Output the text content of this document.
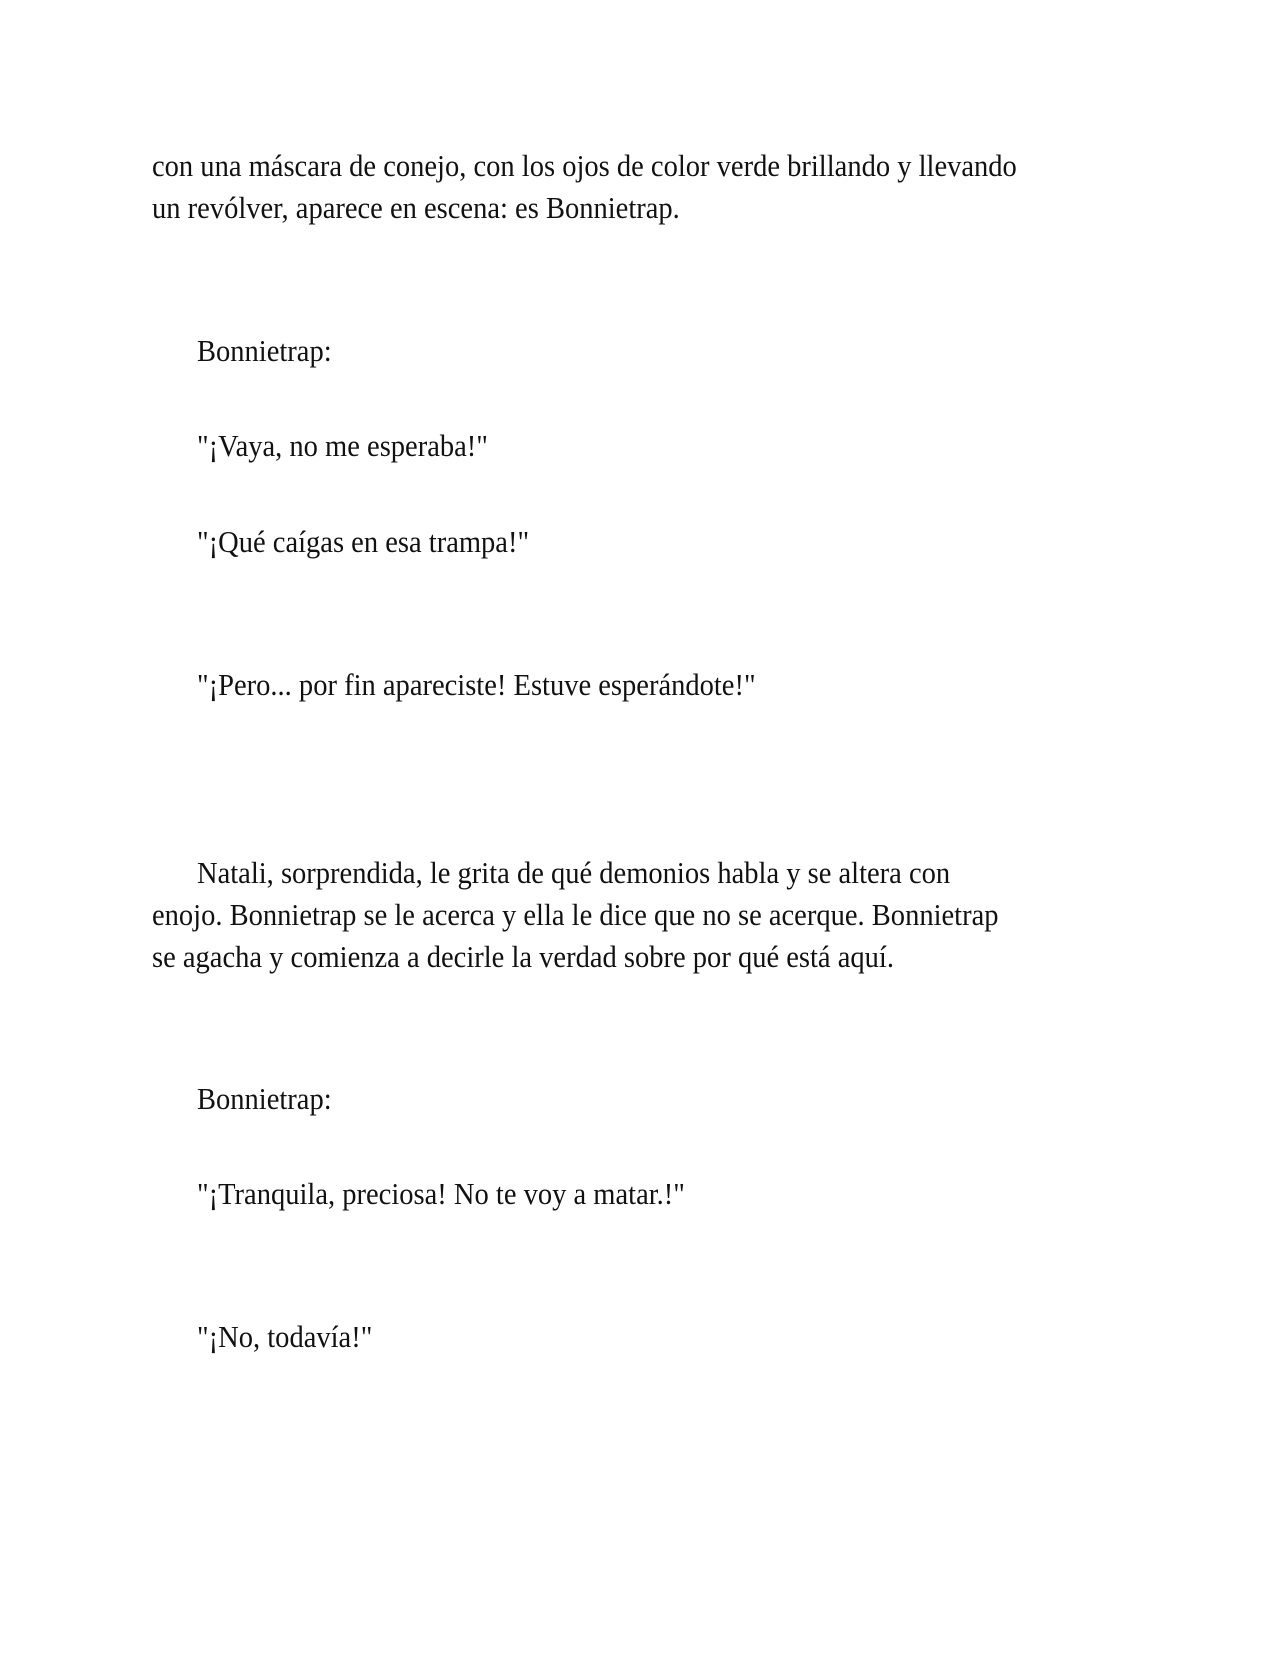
con una máscara de conejo, con los ojos de color verde brillando y llevando
un revólver, aparece en escena: es Bonnietrap.
Bonnietrap:
"¡Vaya, no me esperaba!"
"¡Qué caígas en esa trampa!"
"¡Pero... por fin apareciste! Estuve esperándote!"
Natali, sorprendida, le grita de qué demonios habla y se altera con
enojo. Bonnietrap se le acerca y ella le dice que no se acerque. Bonnietrap
se agacha y comienza a decirle la verdad sobre por qué está aquí.
Bonnietrap:
"¡Tranquila, preciosa! No te voy a matar.!"
"¡No, todavía!"
